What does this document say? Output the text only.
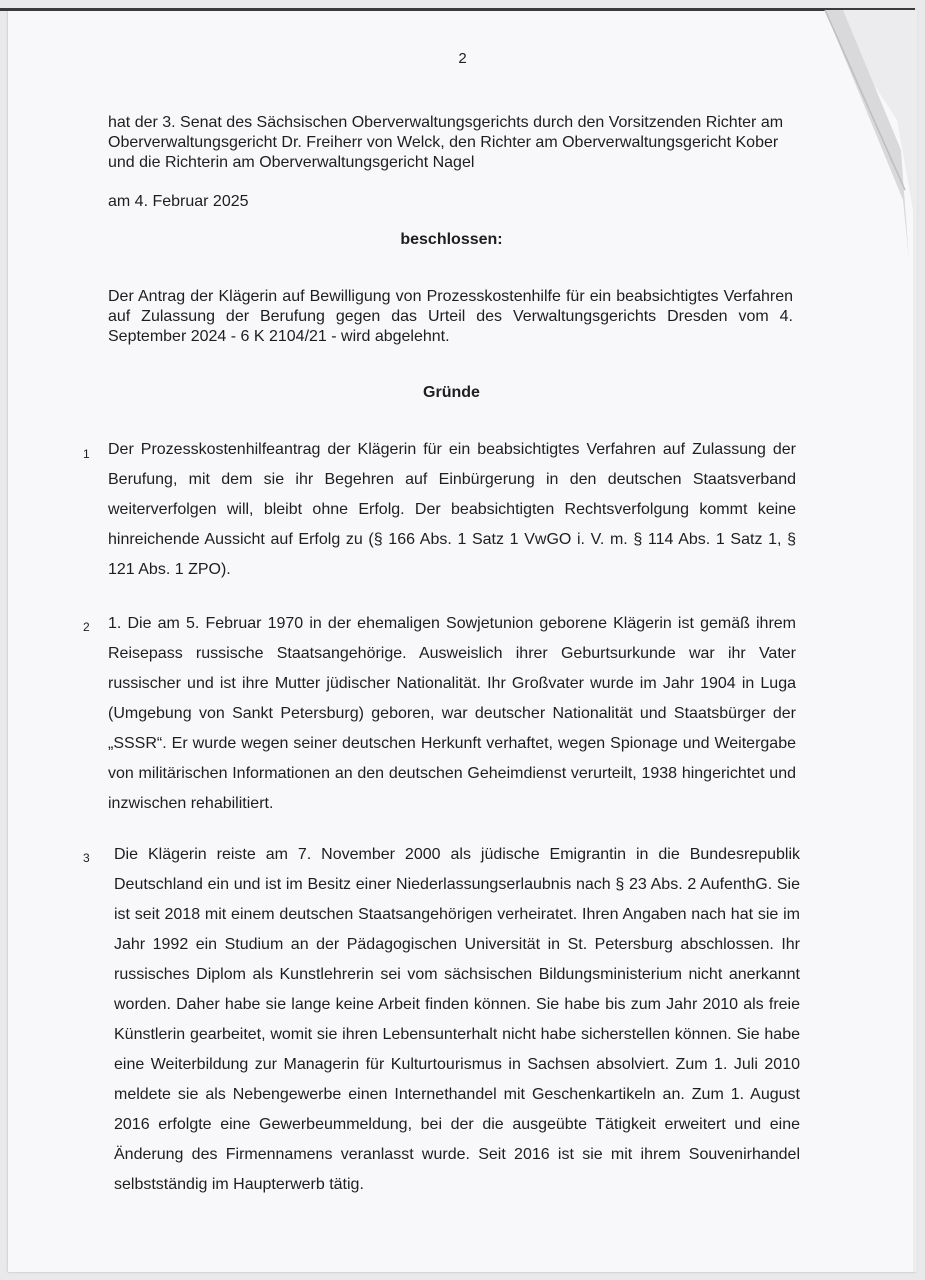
2
hat der 3. Senat des Sächsischen Oberverwaltungsgerichts durch den Vorsitzenden Richter am Oberverwaltungsgericht Dr. Freiherr von Welck, den Richter am Oberverwaltungsgericht Kober und die Richterin am Oberverwaltungsgericht Nagel
am 4. Februar 2025
beschlossen:
Der Antrag der Klägerin auf Bewilligung von Prozesskostenhilfe für ein beabsichtigtes Verfahren auf Zulassung der Berufung gegen das Urteil des Verwaltungsgerichts Dresden vom 4. September 2024 - 6 K 2104/21 - wird abgelehnt.
Gründe
1 Der Prozesskostenhilfeantrag der Klägerin für ein beabsichtigtes Verfahren auf Zulassung der Berufung, mit dem sie ihr Begehren auf Einbürgerung in den deutschen Staatsverband weiterverfolgen will, bleibt ohne Erfolg. Der beabsichtigten Rechtsverfolgung kommt keine hinreichende Aussicht auf Erfolg zu (§ 166 Abs. 1 Satz 1 VwGO i. V. m. § 114 Abs. 1 Satz 1, § 121 Abs. 1 ZPO).
2 1. Die am 5. Februar 1970 in der ehemaligen Sowjetunion geborene Klägerin ist gemäß ihrem Reisepass russische Staatsangehörige. Ausweislich ihrer Geburtsurkunde war ihr Vater russischer und ist ihre Mutter jüdischer Nationalität. Ihr Großvater wurde im Jahr 1904 in Luga (Umgebung von Sankt Petersburg) geboren, war deutscher Nationalität und Staatsbürger der „SSSR“. Er wurde wegen seiner deutschen Herkunft verhaftet, wegen Spionage und Weitergabe von militärischen Informationen an den deutschen Geheimdienst verurteilt, 1938 hingerichtet und inzwischen rehabilitiert.
3 Die Klägerin reiste am 7. November 2000 als jüdische Emigrantin in die Bundesrepublik Deutschland ein und ist im Besitz einer Niederlassungserlaubnis nach § 23 Abs. 2 AufenthG. Sie ist seit 2018 mit einem deutschen Staatsangehörigen verheiratet. Ihren Angaben nach hat sie im Jahr 1992 ein Studium an der Pädagogischen Universität in St. Petersburg abschlossen. Ihr russisches Diplom als Kunstlehrerin sei vom sächsischen Bildungsministerium nicht anerkannt worden. Daher habe sie lange keine Arbeit finden können. Sie habe bis zum Jahr 2010 als freie Künstlerin gearbeitet, womit sie ihren Lebensunterhalt nicht habe sicherstellen können. Sie habe eine Weiterbildung zur Managerin für Kulturtourismus in Sachsen absolviert. Zum 1. Juli 2010 meldete sie als Nebengewerbe einen Internethandel mit Geschenkartikeln an. Zum 1. August 2016 erfolgte eine Gewerbeummeldung, bei der die ausgeübte Tätigkeit erweitert und eine Änderung des Firmennamens veranlasst wurde. Seit 2016 ist sie mit ihrem Souvenirhandel selbstständig im Haupterwerb tätig.
